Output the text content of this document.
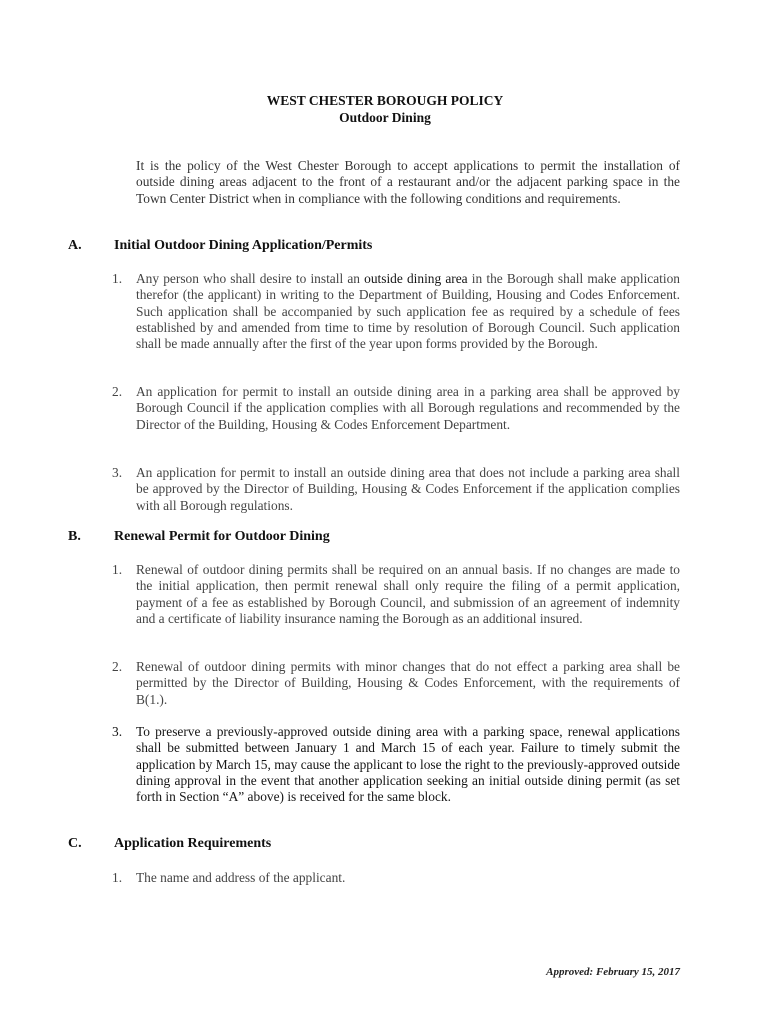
WEST CHESTER BOROUGH POLICY
Outdoor Dining
It is the policy of the West Chester Borough to accept applications to permit the installation of outside dining areas adjacent to the front of a restaurant and/or the adjacent parking space in the Town Center District when in compliance with the following conditions and requirements.
A. Initial Outdoor Dining Application/Permits
1.	Any person who shall desire to install an outside dining area in the Borough shall make application therefor (the applicant) in writing to the Department of Building, Housing and Codes Enforcement. Such application shall be accompanied by such application fee as required by a schedule of fees established by and amended from time to time by resolution of Borough Council. Such application shall be made annually after the first of the year upon forms provided by the Borough.
2.	An application for permit to install an outside dining area in a parking area shall be approved by Borough Council if the application complies with all Borough regulations and recommended by the Director of the Building, Housing & Codes Enforcement Department.
3.	An application for permit to install an outside dining area that does not include a parking area shall be approved by the Director of Building, Housing & Codes Enforcement if the application complies with all Borough regulations.
B. Renewal Permit for Outdoor Dining
1.	Renewal of outdoor dining permits shall be required on an annual basis. If no changes are made to the initial application, then permit renewal shall only require the filing of a permit application, payment of a fee as established by Borough Council, and submission of an agreement of indemnity and a certificate of liability insurance naming the Borough as an additional insured.
2.	Renewal of outdoor dining permits with minor changes that do not effect a parking area shall be permitted by the Director of Building, Housing & Codes Enforcement, with the requirements of B(1.).
3.	To preserve a previously-approved outside dining area with a parking space, renewal applications shall be submitted between January 1 and March 15 of each year. Failure to timely submit the application by March 15, may cause the applicant to lose the right to the previously-approved outside dining approval in the event that another application seeking an initial outside dining permit (as set forth in Section “A” above) is received for the same block.
C. Application Requirements
1.	The name and address of the applicant.
Approved: February 15, 2017
